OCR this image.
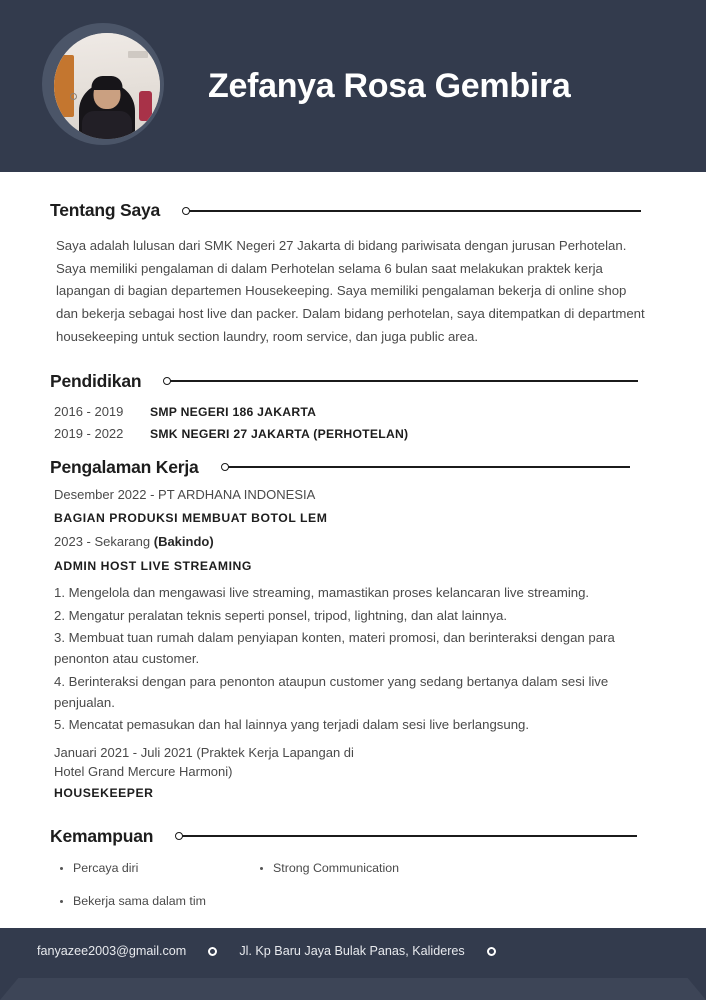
Zefanya Rosa Gembira
Tentang Saya
Saya adalah lulusan dari SMK Negeri 27 Jakarta di bidang pariwisata dengan jurusan Perhotelan. Saya memiliki pengalaman di dalam Perhotelan selama 6 bulan saat melakukan praktek kerja lapangan di bagian departemen Housekeeping. Saya memiliki pengalaman bekerja di online shop dan bekerja sebagai host live dan packer. Dalam bidang perhotelan, saya ditempatkan di department housekeeping untuk section laundry, room service, dan juga public area.
Pendidikan
2016 - 2019	SMP NEGERI 186 JAKARTA
2019 - 2022	SMK NEGERI 27 JAKARTA (PERHOTELAN)
Pengalaman Kerja
Desember 2022 - PT ARDHANA INDONESIA
BAGIAN PRODUKSI MEMBUAT BOTOL LEM
2023 - Sekarang (Bakindo)
ADMIN HOST LIVE STREAMING
1. Mengelola dan mengawasi live streaming, mamastikan proses kelancaran live streaming.
2. Mengatur peralatan teknis seperti ponsel, tripod, lightning, dan alat lainnya.
3. Membuat tuan rumah dalam penyiapan konten, materi promosi, dan berinteraksi dengan para penonton atau customer.
4. Berinteraksi dengan para penonton ataupun customer yang sedang bertanya dalam sesi live penjualan.
5. Mencatat pemasukan dan hal lainnya yang terjadi dalam sesi live berlangsung.
Januari 2021 - Juli 2021 (Praktek Kerja Lapangan di Hotel Grand Mercure Harmoni)
HOUSEKEEPER
Kemampuan
Percaya diri
Bekerja sama dalam tim
Strong Communication
fanyazee2003@gmail.com	Jl. Kp Baru Jaya Bulak Panas, Kalideres
